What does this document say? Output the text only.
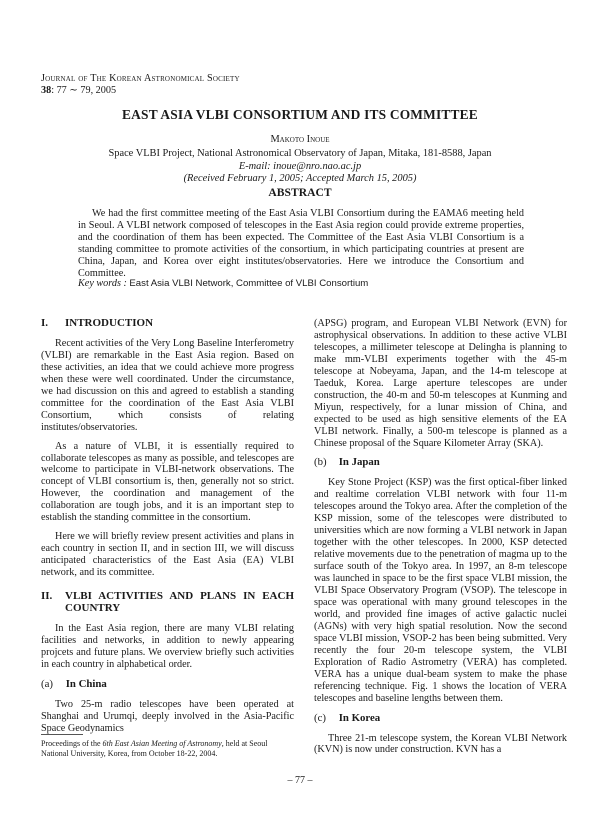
Journal of The Korean Astronomical Society
38: 77 ∼ 79, 2005
EAST ASIA VLBI CONSORTIUM AND ITS COMMITTEE
Makoto Inoue
Space VLBI Project, National Astronomical Observatory of Japan, Mitaka, 181-8588, Japan
E-mail: inoue@nro.nao.ac.jp
(Received February 1, 2005; Accepted March 15, 2005)
ABSTRACT

We had the first committee meeting of the East Asia VLBI Consortium during the EAMA6 meeting held in Seoul. A VLBI network composed of telescopes in the East Asia region could provide extreme properties, and the coordination of them has been expected. The Committee of the East Asia VLBI Consortium is a standing committee to promote activities of the consortium, in which participating countries at present are China, Japan, and Korea over eight institutes/observatories. Here we introduce the Consortium and Committee.

Key words : East Asia VLBI Network, Committee of VLBI Consortium
I.	INTRODUCTION

Recent activities of the Very Long Baseline Interferometry (VLBI) are remarkable in the East Asia region. Based on these activities, an idea that we could achieve more progress when these were well coordinated. Under the circumstance, we had discussion on this and agreed to establish a standing committee for the coordination of the East Asia VLBI Consortium, which consists of relating institutes/observatories.

As a nature of VLBI, it is essentially required to collaborate telescopes as many as possible, and telescopes are welcome to participate in VLBI-network observations. The concept of VLBI consortium is, then, generally not so strict. However, the coordination and management of the collaboration are tough jobs, and it is an important step to establish the standing committee in the consortium.

Here we will briefly review present activities and plans in each country in section II, and in section III, we will discuss anticipated characteristics of the East Asia (EA) VLBI network, and its committee.

II.	VLBI ACTIVITIES AND PLANS IN EACH COUNTRY

In the East Asia region, there are many VLBI relating facilities and networks, in addition to newly appearing projcets and future plans. We overview briefly such activities in each country in alphabetical order.

(a) In China

Two 25-m radio telescopes have been operated at Shanghai and Urumqi, deeply involved in the Asia-Pacific Space Geodynamics

(APSG) program, and European VLBI Network (EVN) for astrophysical observations. In addition to these active VLBI telescopes, a millimeter telescope at Delingha is planning to make mm-VLBI experiments together with the 45-m telescope at Nobeyama, Japan, and the 14-m telescope at Taeduk, Korea. Large aperture telescopes are under construction, the 40-m and 50-m telescopes at Kunming and Miyun, respectively, for a lunar mission of China, and expected to be used as high sensitive elements of the EA VLBI network. Finally, a 500-m telescope is planned as a Chinese proposal of the Square Kilometer Array (SKA).

(b) In Japan

Key Stone Project (KSP) was the first optical-fiber linked and realtime correlation VLBI network with four 11-m telescopes around the Tokyo area. After the completion of the KSP mission, some of the telescopes were distributed to universities which are now forming a VLBI network in Japan together with the other telescopes. In 2000, KSP detected relative movements due to the penetration of magma up to the surface south of the Tokyo area. In 1997, an 8-m telescope was launched in space to be the first space VLBI mission, the VLBI Space Observatory Program (VSOP). The telescope in space was operational with many ground telescopes in the world, and provided fine images of active galactic nuclei (AGNs) with very high spatial resolution. Now the second space VLBI mission, VSOP-2 has been being submitted. Very recently the four 20-m telescope system, the VLBI Exploration of Radio Astrometry (VERA) has completed. VERA has a unique dual-beam system to make the phase referencing technique. Fig. 1 shows the location of VERA telescopes and baseline lengths between them.

(c) In Korea

Three 21-m telescope system, the Korean VLBI Network (KVN) is now under construction. KVN has a

Proceedings of the 6th East Asian Meeting of Astronomy, held at Seoul National University, Korea, from October 18-22, 2004.
– 77 –
